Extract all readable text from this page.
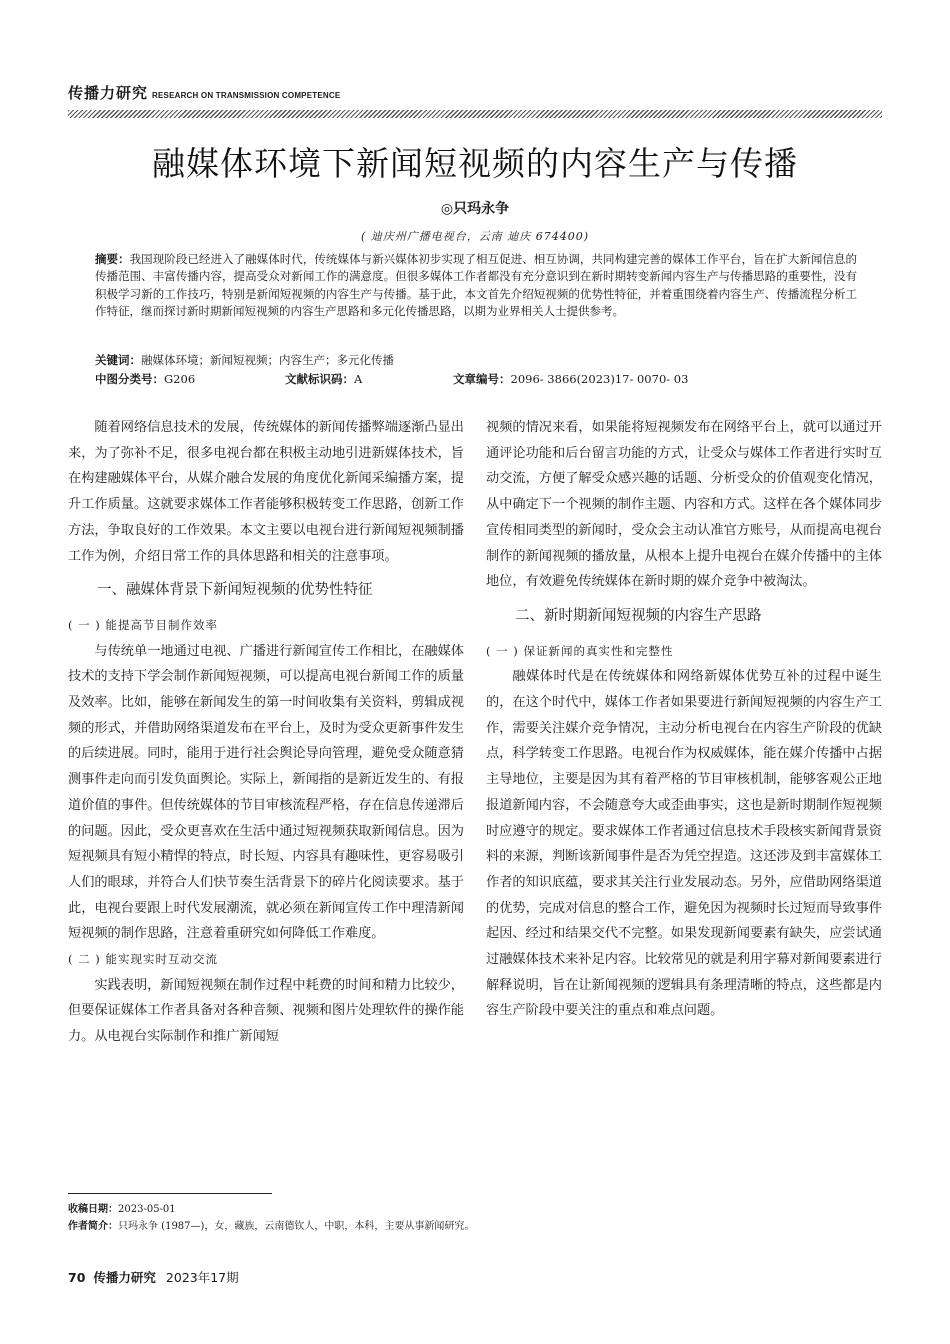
传播力研究 RESEARCH ON TRANSMISSION COMPETENCE
融媒体环境下新闻短视频的内容生产与传播
◎只玛永争
( 迪庆州广播电视台，云南 迪庆 674400)
摘要：我国现阶段已经进入了融媒体时代，传统媒体与新兴媒体初步实现了相互促进、相互协调，共同构建完善的媒体工作平台，旨在扩大新闻信息的传播范围、丰富传播内容，提高受众对新闻工作的满意度。但很多媒体工作者都没有充分意识到在新时期转变新闻内容生产与传播思路的重要性，没有积极学习新的工作技巧，特别是新闻短视频的内容生产与传播。基于此，本文首先介绍短视频的优势性特征，并着重围绕着内容生产、传播流程分析工作特征，继而探讨新时期新闻短视频的内容生产思路和多元化传播思路，以期为业界相关人士提供参考。
关键词：融媒体环境；新闻短视频；内容生产；多元化传播
中图分类号：G206	文献标识码：A	文章编号：2096- 3866(2023)17- 0070- 03

随着网络信息技术的发展，传统媒体的新闻传播弊端逐渐凸显出来，为了弥补不足，很多电视台都在积极主动地引进新媒体技术，旨在构建融媒体平台，从媒介融合发展的角度优化新闻采编播方案，提升工作质量。这就要求媒体工作者能够积极转变工作思路，创新工作方法，争取良好的工作效果。本文主要以电视台进行新闻短视频制播工作为例，介绍日常工作的具体思路和相关的注意事项。

一、融媒体背景下新闻短视频的优势性特征
( 一 ) 能提高节目制作效率

与传统单一地通过电视、广播进行新闻宣传工作相比，在融媒体技术的支持下学会制作新闻短视频，可以提高电视台新闻工作的质量及效率。比如，能够在新闻发生的第一时间收集有关资料，剪辑成视频的形式，并借助网络渠道发布在平台上，及时为受众更新事件发生的后续进展。同时，能用于进行社会舆论导向管理，避免受众随意猜测事件走向而引发负面舆论。实际上，新闻指的是新近发生的、有报道价值的事件。但传统媒体的节目审核流程严格，存在信息传递滞后的问题。因此，受众更喜欢在生活中通过短视频获取新闻信息。因为短视频具有短小精悍的特点，时长短、内容具有趣味性，更容易吸引人们的眼球，并符合人们快节奏生活背景下的碎片化阅读要求。基于此，电视台要跟上时代发展潮流，就必须在新闻宣传工作中理清新闻短视频的制作思路，注意着重研究如何降低工作难度。

( 二 ) 能实现实时互动交流

实践表明，新闻短视频在制作过程中耗费的时间和精力比较少，但要保证媒体工作者具备对各种音频、视频和图片处理软件的操作能力。从电视台实际制作和推广新闻短

视频的情况来看，如果能将短视频发布在网络平台上，就可以通过开通评论功能和后台留言功能的方式，让受众与媒体工作者进行实时互动交流，方便了解受众感兴趣的话题、分析受众的价值观变化情况，从中确定下一个视频的制作主题、内容和方式。这样在各个媒体同步宣传相同类型的新闻时，受众会主动认准官方账号，从而提高电视台制作的新闻视频的播放量，从根本上提升电视台在媒介传播中的主体地位，有效避免传统媒体在新时期的媒介竞争中被淘汰。

二、新时期新闻短视频的内容生产思路
( 一 ) 保证新闻的真实性和完整性

融媒体时代是在传统媒体和网络新媒体优势互补的过程中诞生的，在这个时代中，媒体工作者如果要进行新闻短视频的内容生产工作，需要关注媒介竞争情况，主动分析电视台在内容生产阶段的优缺点，科学转变工作思路。电视台作为权威媒体，能在媒介传播中占据主导地位，主要是因为其有着严格的节目审核机制，能够客观公正地报道新闻内容，不会随意夸大或歪曲事实，这也是新时期制作短视频时应遵守的规定。要求媒体工作者通过信息技术手段核实新闻背景资料的来源，判断该新闻事件是否为凭空捏造。这还涉及到丰富媒体工作者的知识底蕴，要求其关注行业发展动态。另外，应借助网络渠道的优势，完成对信息的整合工作，避免因为视频时长过短而导致事件起因、经过和结果交代不完整。如果发现新闻要素有缺失，应尝试通过融媒体技术来补足内容。比较常见的就是利用字幕对新闻要素进行解释说明，旨在让新闻视频的逻辑具有条理清晰的特点，这些都是内容生产阶段中要关注的重点和难点问题。

收稿日期：2023-05-01
作者简介：只玛永争 (1987—)，女，藏族，云南德钦人，中职，本科，主要从事新闻研究。
70 传播力研究 2023年17期
